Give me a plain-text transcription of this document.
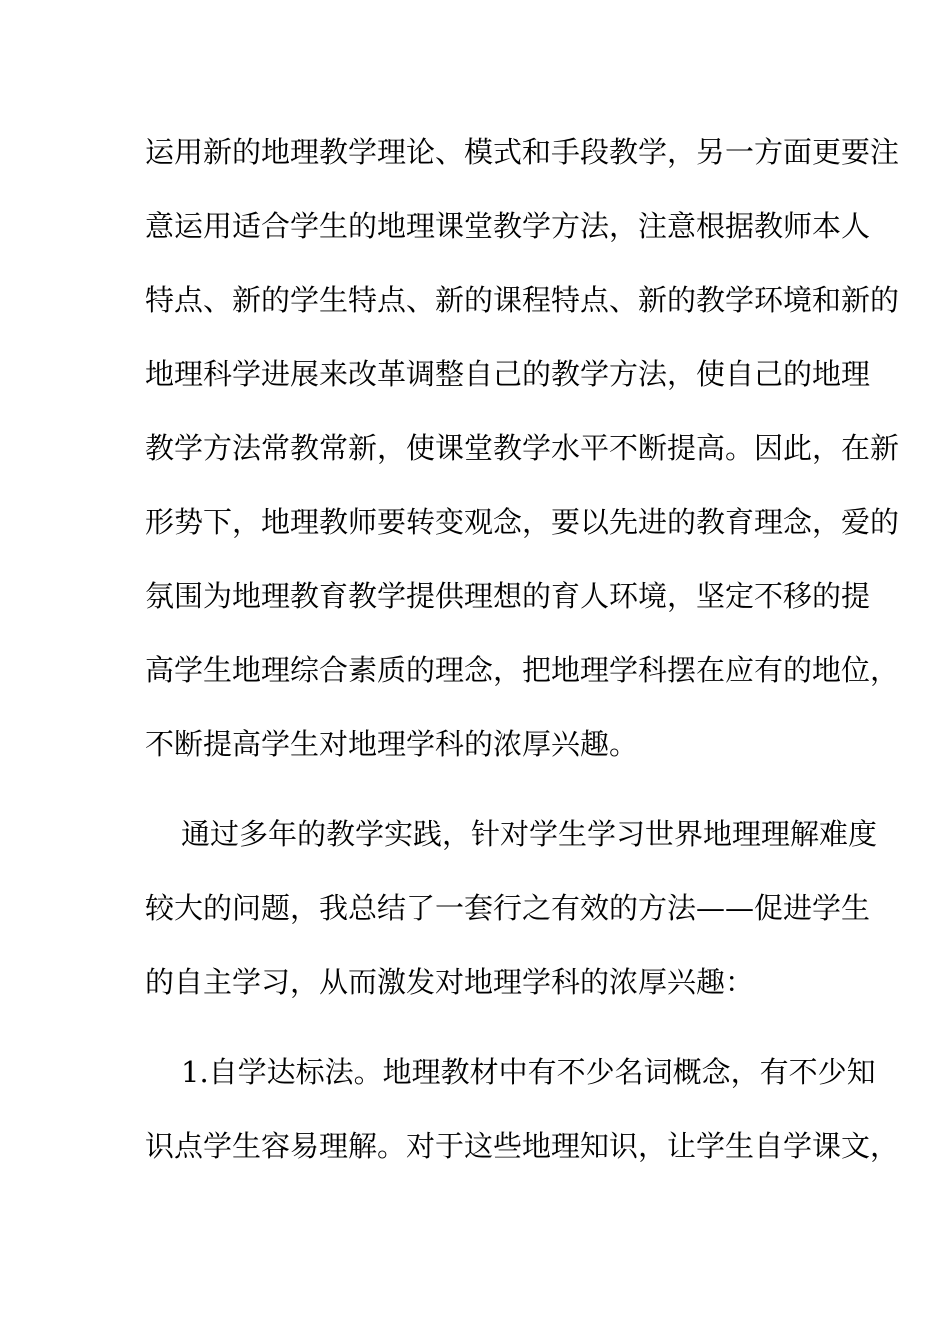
运用新的地理教学理论、模式和手段教学，另一方面更要注
意运用适合学生的地理课堂教学方法，注意根据教师本人
特点、新的学生特点、新的课程特点、新的教学环境和新的
地理科学进展来改革调整自己的教学方法，使自己的地理
教学方法常教常新，使课堂教学水平不断提高。因此，在新
形势下，地理教师要转变观念，要以先进的教育理念，爱的
氛围为地理教育教学提供理想的育人环境，坚定不移的提
高学生地理综合素质的理念，把地理学科摆在应有的地位，
不断提高学生对地理学科的浓厚兴趣。
通过多年的教学实践，针对学生学习世界地理理解难度
较大的问题，我总结了一套行之有效的方法——促进学生
的自主学习，从而激发对地理学科的浓厚兴趣：
1.自学达标法。地理教材中有不少名词概念，有不少知
识点学生容易理解。对于这些地理知识，让学生自学课文，
